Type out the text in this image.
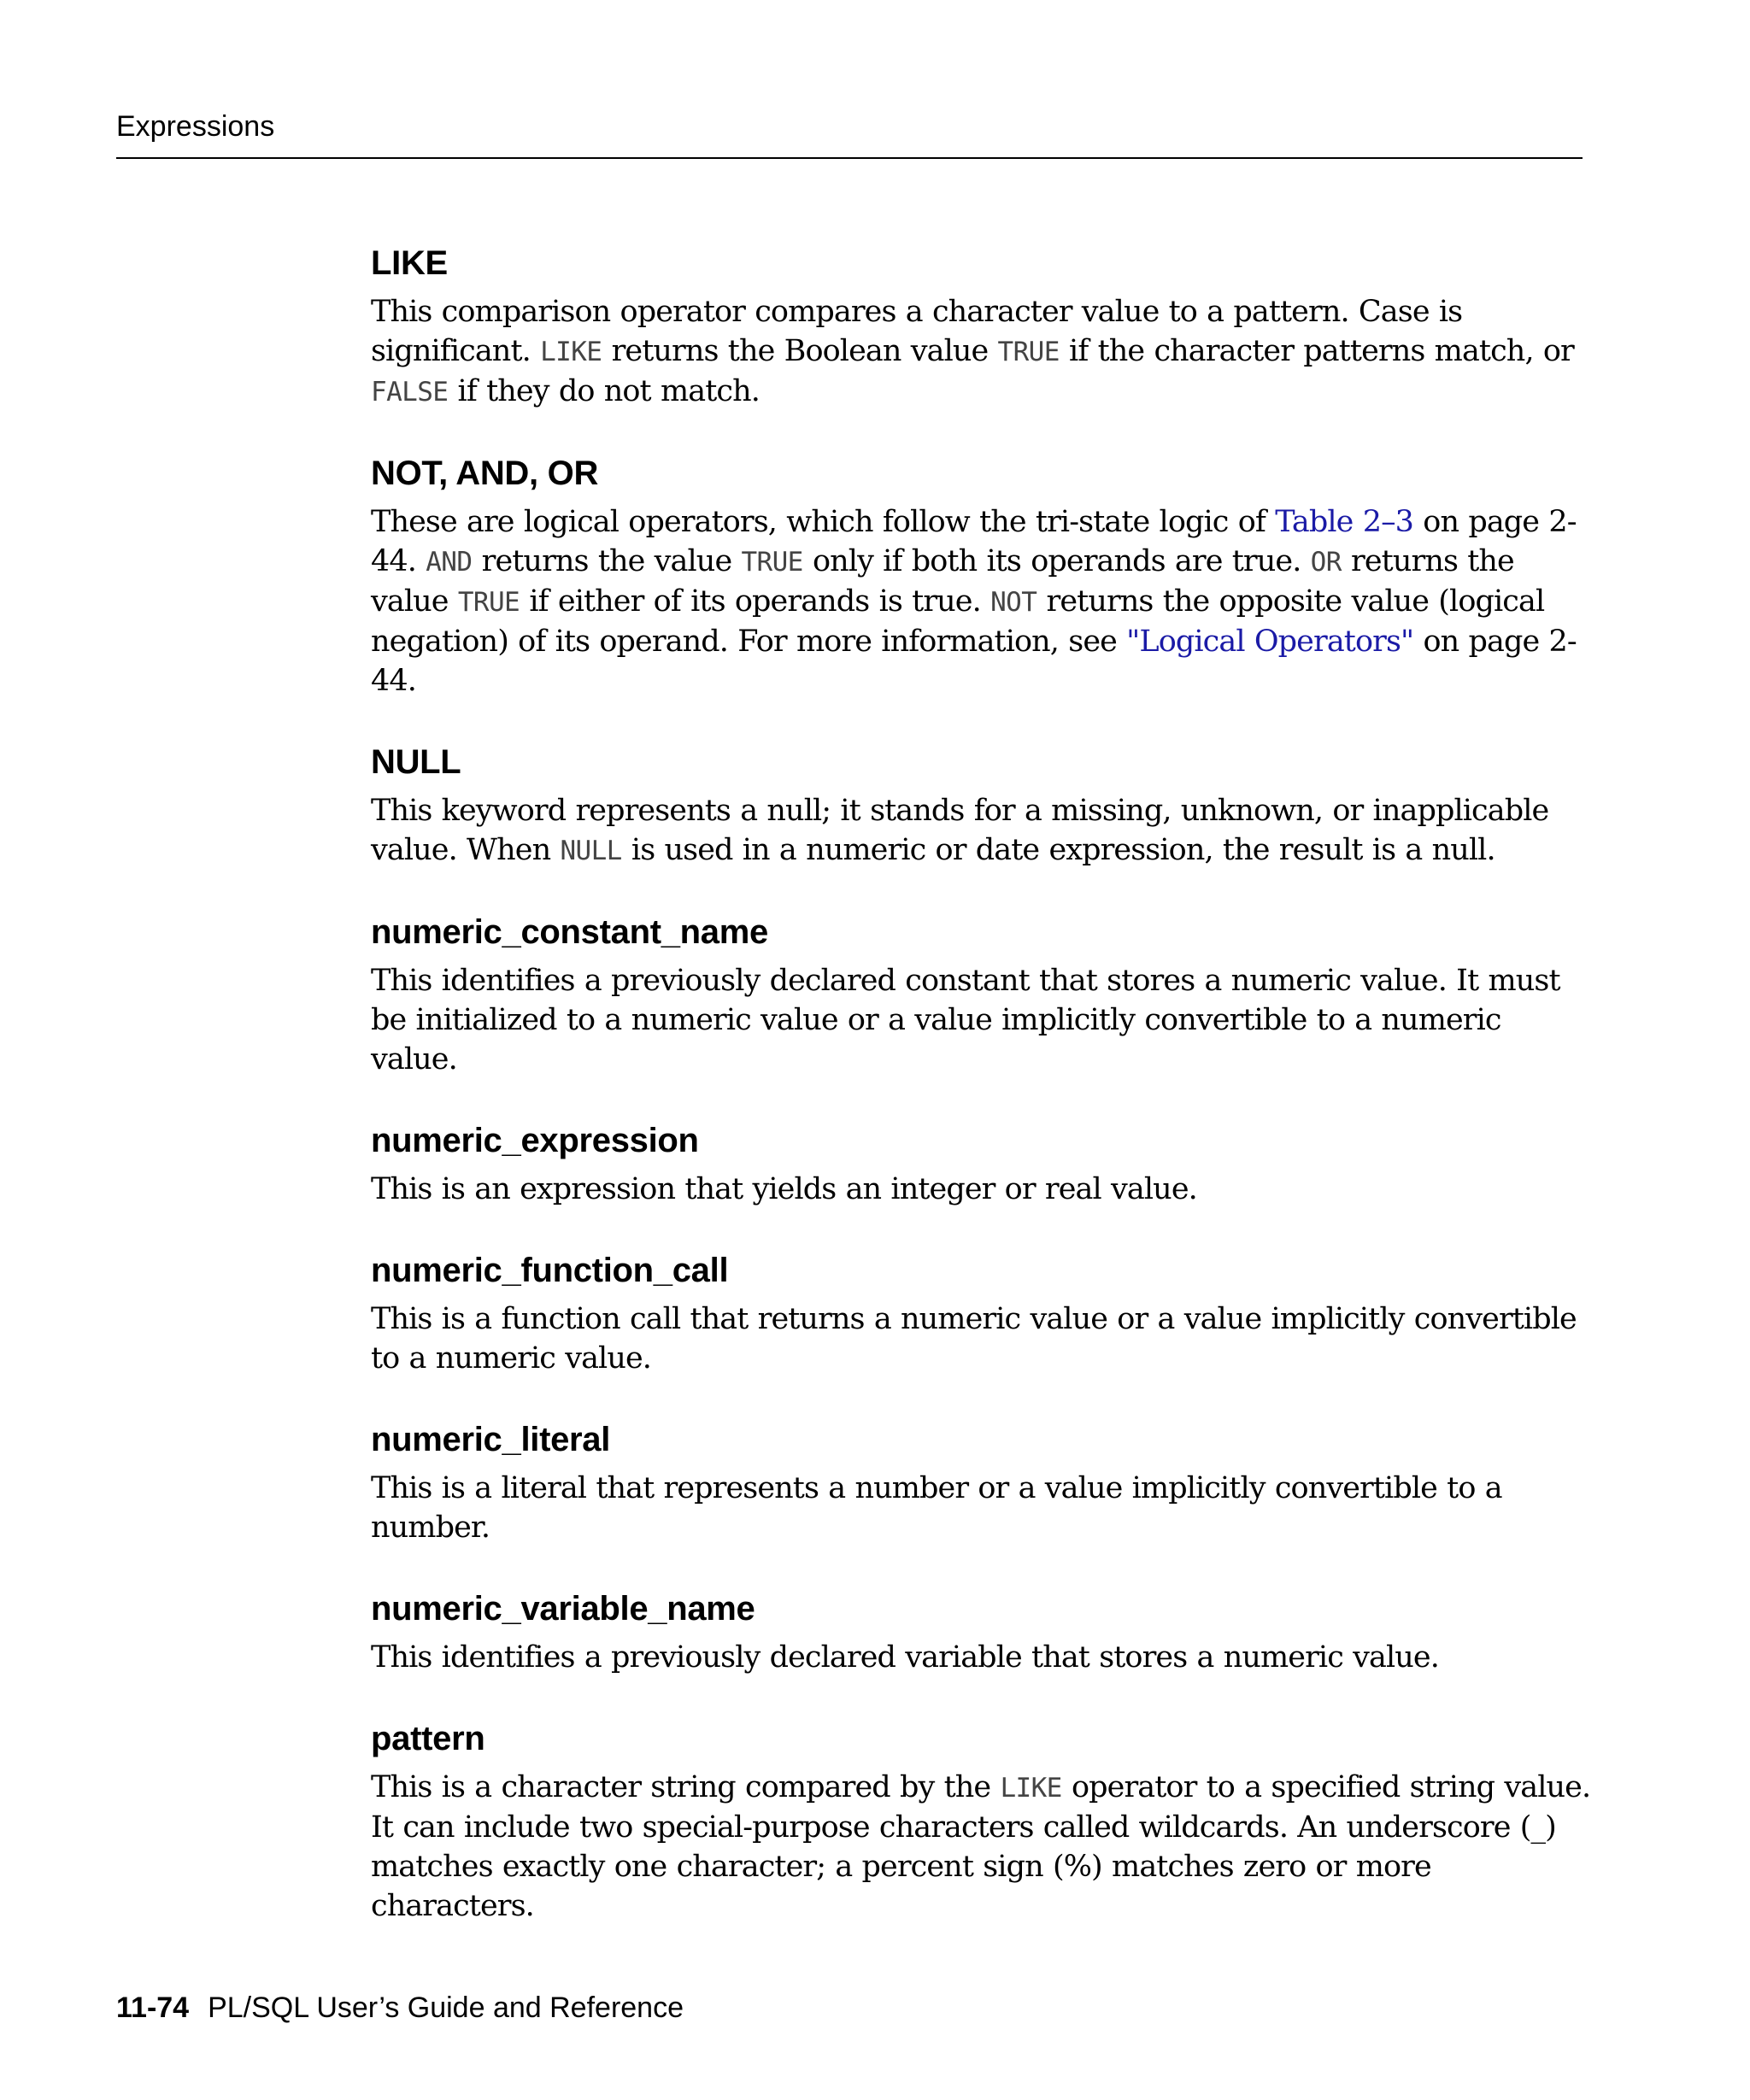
Expressions
LIKE

This comparison operator compares a character value to a pattern. Case is significant. LIKE returns the Boolean value TRUE if the character patterns match, or
FALSE if they do not match.

NOT, AND, OR

These are logical operators, which follow the tri-state logic of Table 2–3 on page 2-44. AND returns the value TRUE only if both its operands are true. OR returns the value TRUE if either of its operands is true. NOT returns the opposite value (logical negation) of its operand. For more information, see "Logical Operators" on page 2-44.

NULL

This keyword represents a null; it stands for a missing, unknown, or inapplicable value. When NULL is used in a numeric or date expression, the result is a null.

numeric_constant_name

This identifies a previously declared constant that stores a numeric value. It must be initialized to a numeric value or a value implicitly convertible to a numeric value.

numeric_expression

This is an expression that yields an integer or real value.

numeric_function_call

This is a function call that returns a numeric value or a value implicitly convertible to a numeric value.

numeric_literal

This is a literal that represents a number or a value implicitly convertible to a number.

numeric_variable_name

This identifies a previously declared variable that stores a numeric value.

pattern

This is a character string compared by the LIKE operator to a specified string value. It can include two special-purpose characters called wildcards. An underscore (_) matches exactly one character; a percent sign (%) matches zero or more characters.

11-74 PL/SQL User’s Guide and Reference
